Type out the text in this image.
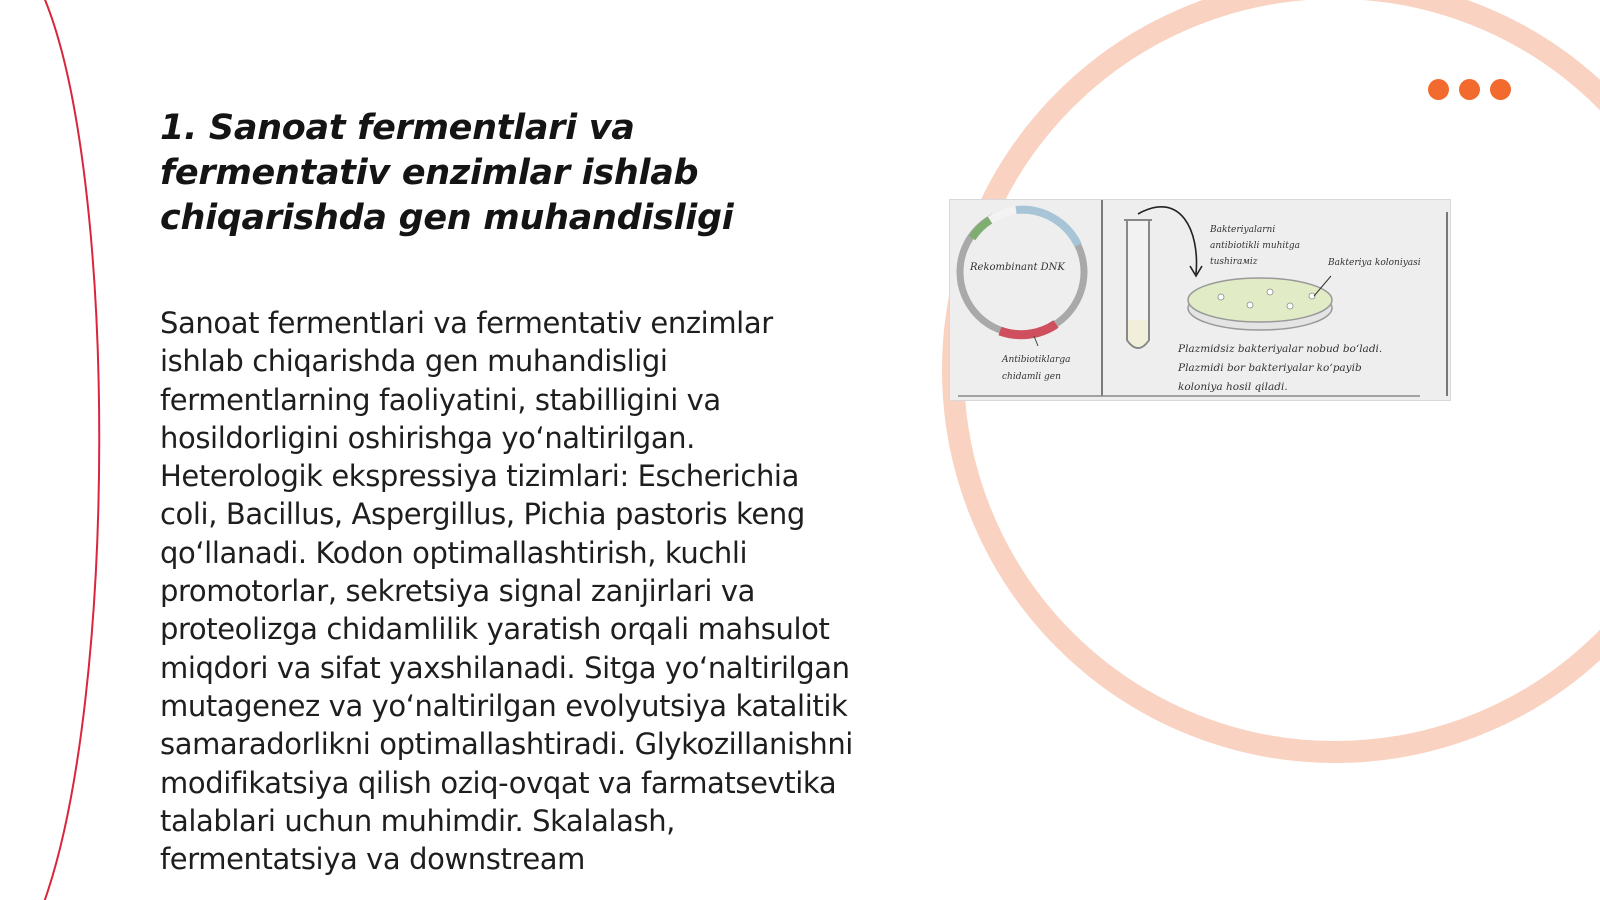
1. Sanoat fermentlari va fermentativ enzimlar ishlab chiqarishda gen muhandisligi

Sanoat fermentlari va fermentativ enzimlar ishlab chiqarishda gen muhandisligi fermentlarning faoliyatini, stabilligini va hosildorligini oshirishga yo‘naltirilgan. Heterologik ekspressiya tizimlari: Escherichia coli, Bacillus, Aspergillus, Pichia pastoris keng qo‘llanadi. Kodon optimallashtirish, kuchli promotorlar, sekretsiya signal zanjirlari va proteolizga chidamlilik yaratish orqali mahsulot miqdori va sifat yaxshilanadi. Sitga yo‘naltirilgan mutagenez va yo‘naltirilgan evolyutsiya katalitik samaradorlikni optimallashtiradi. Glykozillanishni modifikatsiya qilish oziq-ovqat va farmatsevtika talablari uchun muhimdir. Skalalash, fermentatsiya va downstream

Rekombinant DNK

Antibiotiklarga
chidamli gen

Bakteriyalarni
antibiotikli muhitga
tushirамiz	Bakteriya koloniyasi

Plazmidsiz bakteriyalar nobud bo‘ladi.
Plazmidi bor bakteriyalar ko‘payib
koloniya hosil qiladi.
